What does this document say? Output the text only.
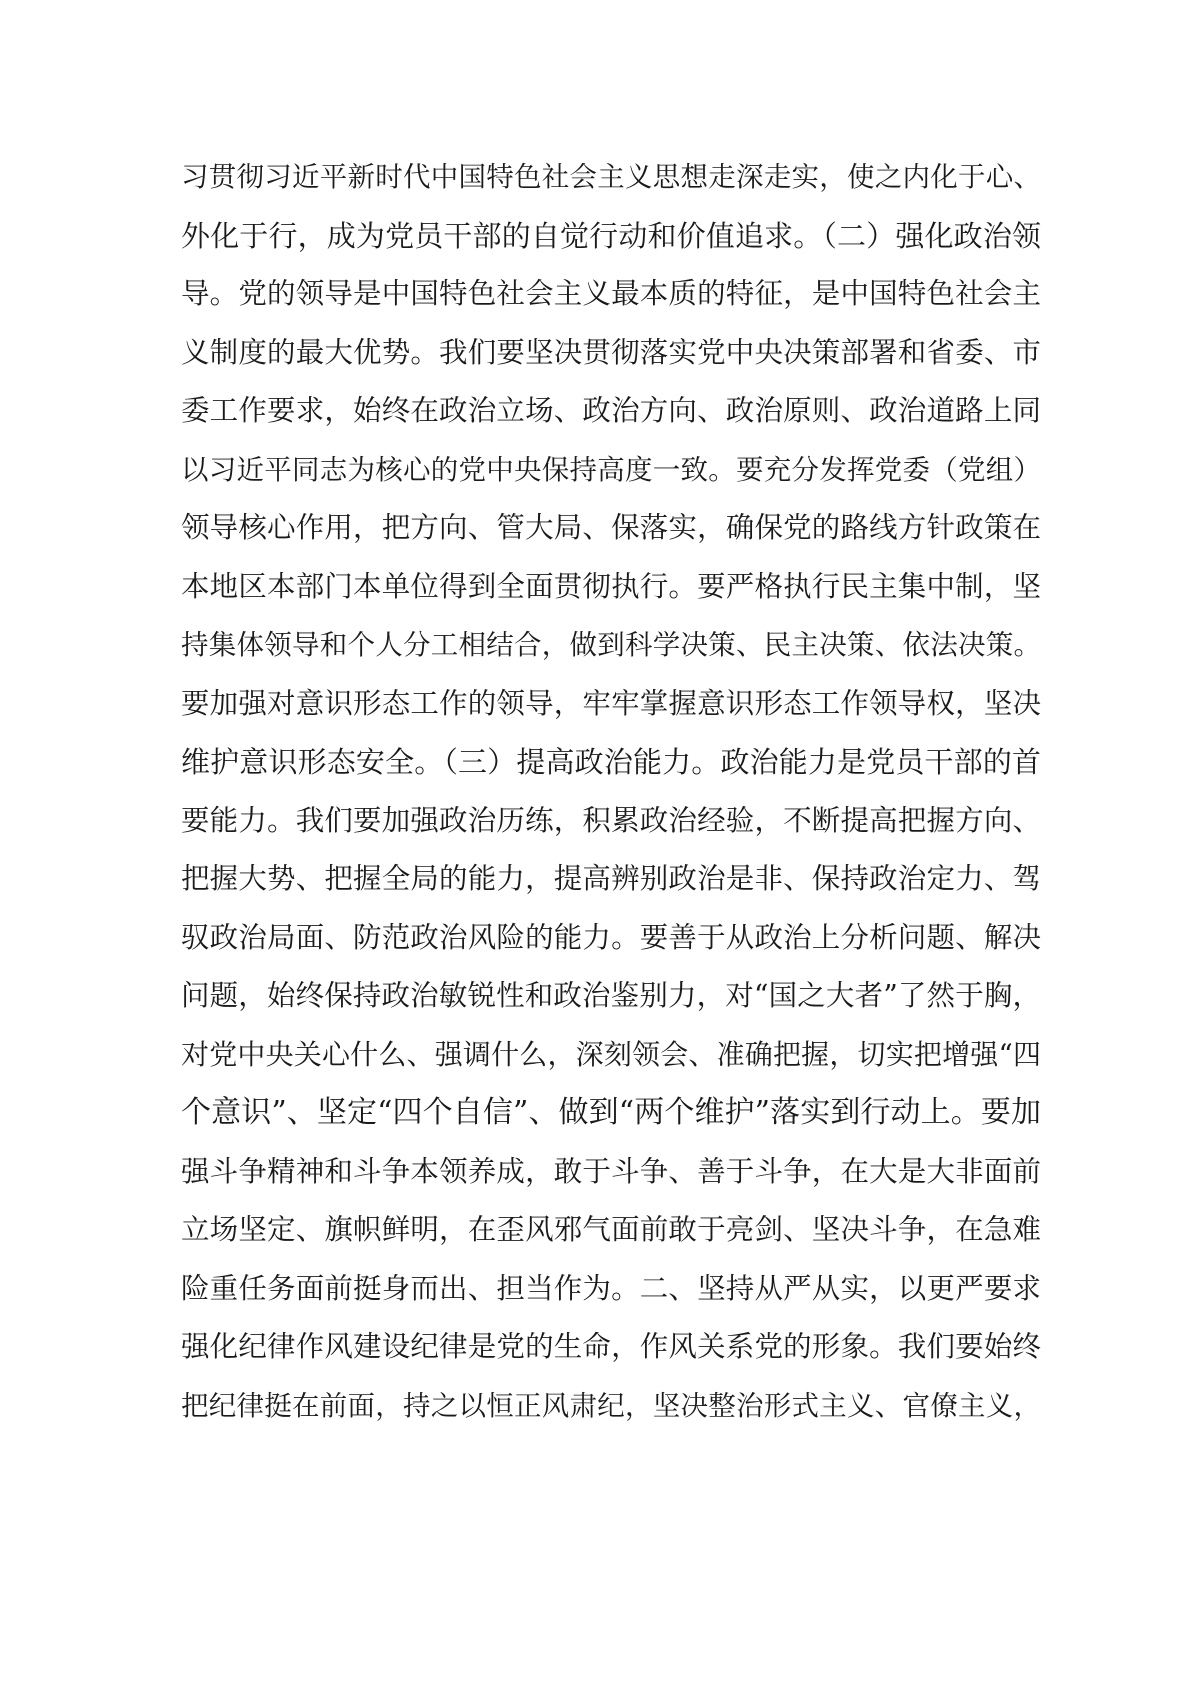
习贯彻习近平新时代中国特色社会主义思想走深走实，使之内化于心、
外化于行，成为党员干部的自觉行动和价值追求。（二）强化政治领
导。党的领导是中国特色社会主义最本质的特征，是中国特色社会主
义制度的最大优势。我们要坚决贯彻落实党中央决策部署和省委、市
委工作要求，始终在政治立场、政治方向、政治原则、政治道路上同
以习近平同志为核心的党中央保持高度一致。要充分发挥党委（党组）
领导核心作用，把方向、管大局、保落实，确保党的路线方针政策在
本地区本部门本单位得到全面贯彻执行。要严格执行民主集中制，坚
持集体领导和个人分工相结合，做到科学决策、民主决策、依法决策。
要加强对意识形态工作的领导，牢牢掌握意识形态工作领导权，坚决
维护意识形态安全。（三）提高政治能力。政治能力是党员干部的首
要能力。我们要加强政治历练，积累政治经验，不断提高把握方向、
把握大势、把握全局的能力，提高辨别政治是非、保持政治定力、驾
驭政治局面、防范政治风险的能力。要善于从政治上分析问题、解决
问题，始终保持政治敏锐性和政治鉴别力，对“国之大者”了然于胸，
对党中央关心什么、强调什么，深刻领会、准确把握，切实把增强“四
个意识”、坚定“四个自信”、做到“两个维护”落实到行动上。要加
强斗争精神和斗争本领养成，敢于斗争、善于斗争，在大是大非面前
立场坚定、旗帜鲜明，在歪风邪气面前敢于亮剑、坚决斗争，在急难
险重任务面前挺身而出、担当作为。二、坚持从严从实，以更严要求
强化纪律作风建设纪律是党的生命，作风关系党的形象。我们要始终
把纪律挺在前面，持之以恒正风肃纪，坚决整治形式主义、官僚主义，
